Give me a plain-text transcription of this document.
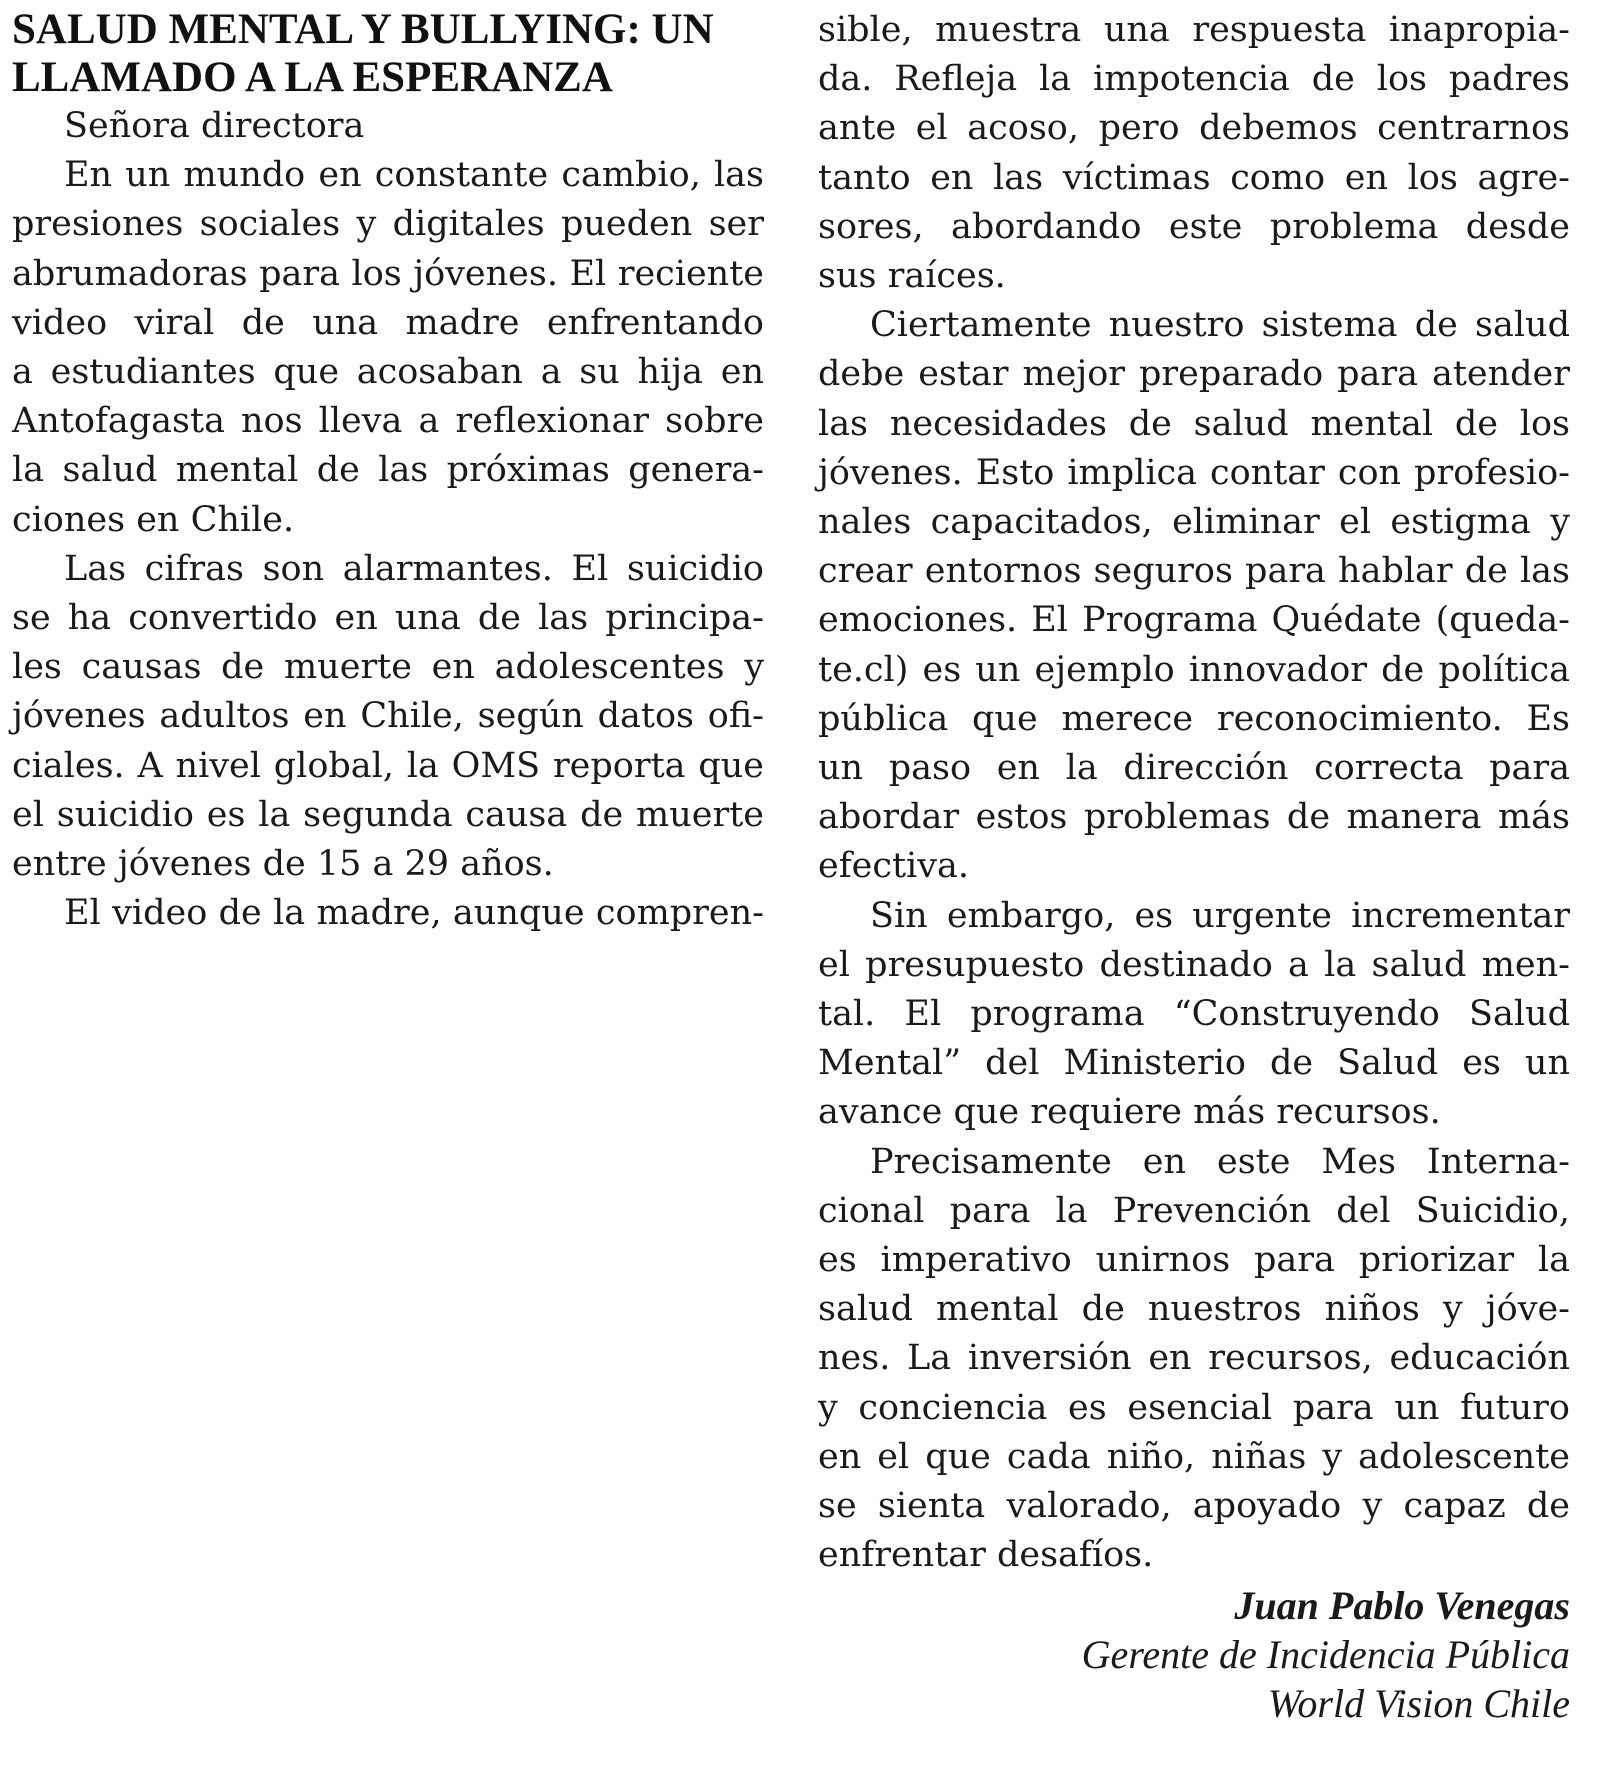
SALUD MENTAL Y BULLYING: UN
LLAMADO A LA ESPERANZA

Señora directora

En un mundo en constante cambio, las
presiones sociales y digitales pueden ser
abrumadoras para los jóvenes. El reciente
video viral de una madre enfrentando
a estudiantes que acosaban a su hija en
Antofagasta nos lleva a reflexionar sobre
la salud mental de las próximas genera-
ciones en Chile.

Las cifras son alarmantes. El suicidio
se ha convertido en una de las principa-
les causas de muerte en adolescentes y
jóvenes adultos en Chile, según datos ofi-
ciales. A nivel global, la OMS reporta que
el suicidio es la segunda causa de muerte
entre jóvenes de 15 a 29 años.

El video de la madre, aunque compren-

sible, muestra una respuesta inapropia-
da. Refleja la impotencia de los padres
ante el acoso, pero debemos centrarnos
tanto en las víctimas como en los agre-
sores, abordando este problema desde
sus raíces.

Ciertamente nuestro sistema de salud
debe estar mejor preparado para atender
las necesidades de salud mental de los
jóvenes. Esto implica contar con profesio-
nales capacitados, eliminar el estigma y
crear entornos seguros para hablar de las
emociones. El Programa Quédate (queda-
te.cl) es un ejemplo innovador de política
pública que merece reconocimiento. Es
un paso en la dirección correcta para
abordar estos problemas de manera más
efectiva.

Sin embargo, es urgente incrementar
el presupuesto destinado a la salud men-
tal. El programa “Construyendo Salud
Mental” del Ministerio de Salud es un
avance que requiere más recursos.

Precisamente en este Mes Interna-
cional para la Prevención del Suicidio,
es imperativo unirnos para priorizar la
salud mental de nuestros niños y jóve-
nes. La inversión en recursos, educación
y conciencia es esencial para un futuro
en el que cada niño, niñas y adolescente
se sienta valorado, apoyado y capaz de
enfrentar desafíos.

Juan Pablo Venegas
Gerente de Incidencia Pública
World Vision Chile
